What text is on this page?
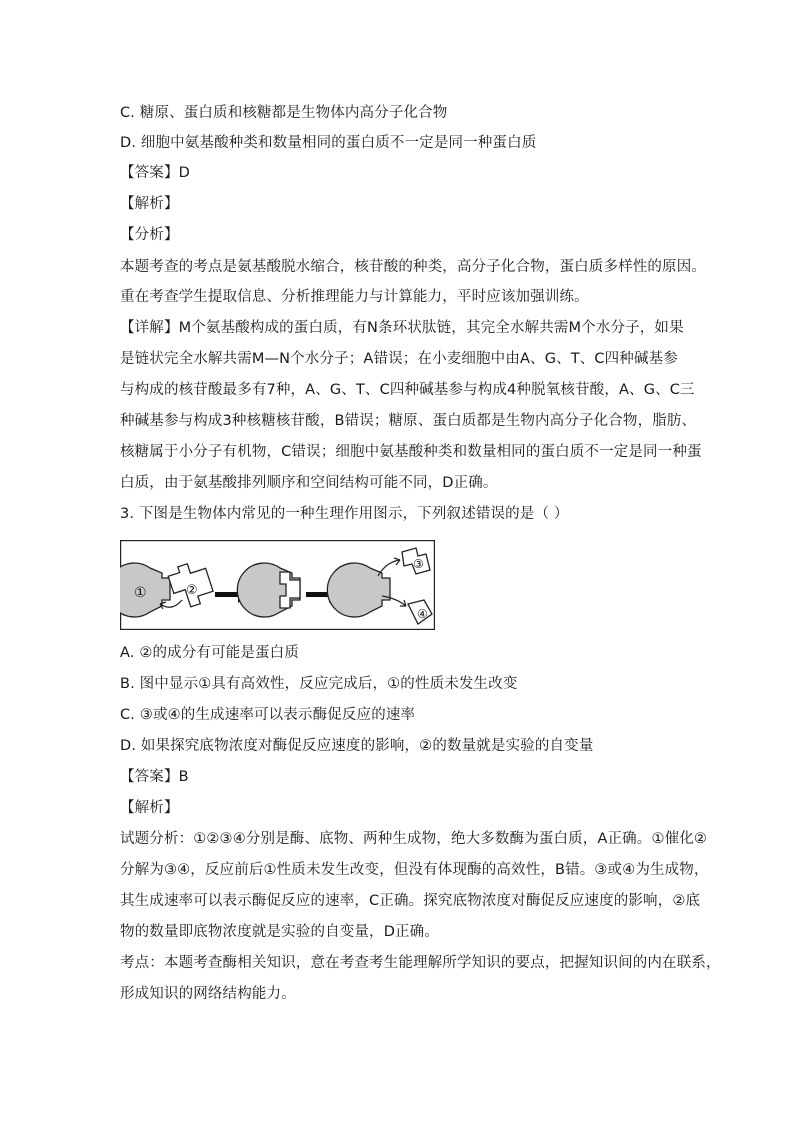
C. 糖原、蛋白质和核糖都是生物体内高分子化合物
D. 细胞中氨基酸种类和数量相同的蛋白质不一定是同一种蛋白质
【答案】D
【解析】
【分析】
本题考查的考点是氨基酸脱水缩合，核苷酸的种类，高分子化合物，蛋白质多样性的原因。
重在考查学生提取信息、分析推理能力与计算能力，平时应该加强训练。
【详解】M个氨基酸构成的蛋白质，有N条环状肽链，其完全水解共需M个水分子，如果
是链状完全水解共需M—N个水分子；A错误；在小麦细胞中由A、G、T、C四种碱基参
与构成的核苷酸最多有7种，A、G、T、C四种碱基参与构成4种脱氧核苷酸，A、G、C三
种碱基参与构成3种核糖核苷酸，B错误；糖原、蛋白质都是生物内高分子化合物，脂肪、
核糖属于小分子有机物，C错误；细胞中氨基酸种类和数量相同的蛋白质不一定是同一种蛋
白质，由于氨基酸排列顺序和空间结构可能不同，D正确。
3. 下图是生物体内常见的一种生理作用图示，下列叙述错误的是（ ）
①	②
③
④
A. ②的成分有可能是蛋白质
B. 图中显示①具有高效性，反应完成后，①的性质未发生改变
C. ③或④的生成速率可以表示酶促反应的速率
D. 如果探究底物浓度对酶促反应速度的影响，②的数量就是实验的自变量
【答案】B
【解析】
试题分析：①②③④分别是酶、底物、两种生成物，绝大多数酶为蛋白质，A正确。①催化②
分解为③④，反应前后①性质未发生改变，但没有体现酶的高效性，B错。③或④为生成物，
其生成速率可以表示酶促反应的速率，C正确。探究底物浓度对酶促反应速度的影响，②底
物的数量即底物浓度就是实验的自变量，D正确。
考点：本题考查酶相关知识，意在考查考生能理解所学知识的要点，把握知识间的内在联系，
形成知识的网络结构能力。
